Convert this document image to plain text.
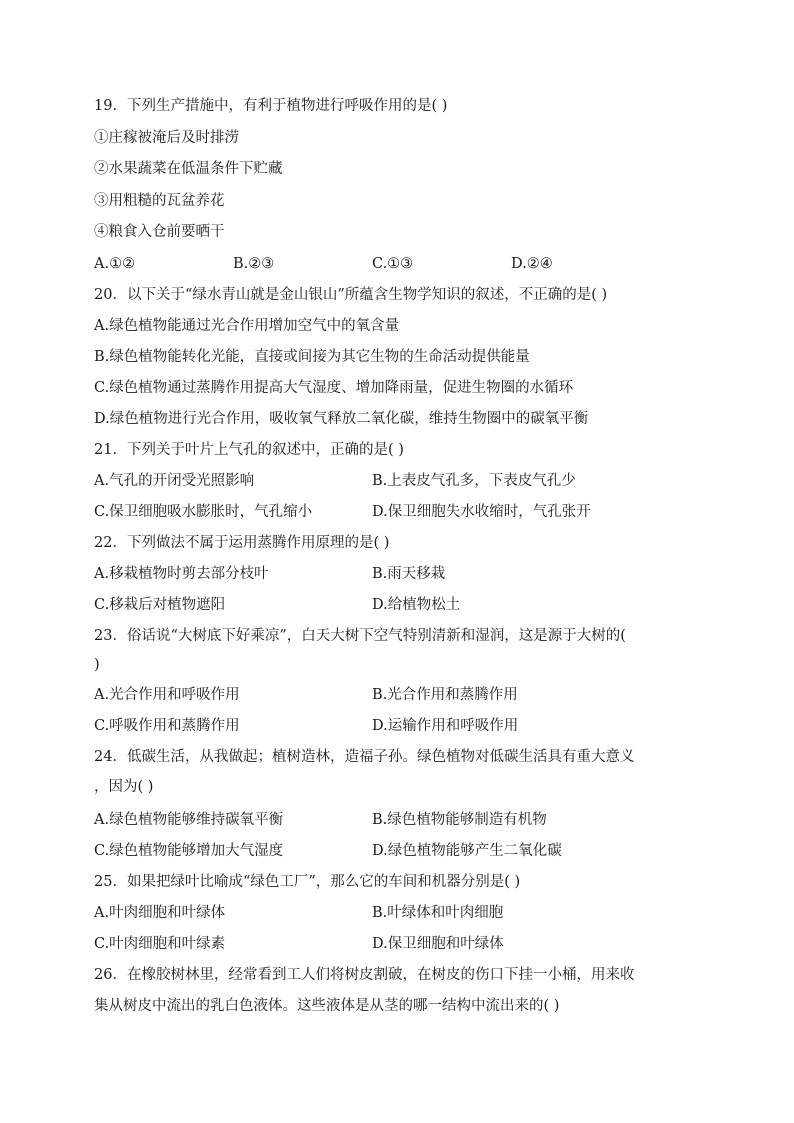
19．下列生产措施中，有利于植物进行呼吸作用的是( )
①庄稼被淹后及时排涝
②水果蔬菜在低温条件下贮藏
③用粗糙的瓦盆养花
④粮食入仓前要晒干
A.①②	B.②③	C.①③	D.②④
20．以下关于“绿水青山就是金山银山”所蕴含生物学知识的叙述，不正确的是( )
A.绿色植物能通过光合作用增加空气中的氧含量
B.绿色植物能转化光能，直接或间接为其它生物的生命活动提供能量
C.绿色植物通过蒸腾作用提高大气湿度、增加降雨量，促进生物圈的水循环
D.绿色植物进行光合作用，吸收氧气释放二氧化碳，维持生物圈中的碳氧平衡
21．下列关于叶片上气孔的叙述中，正确的是( )
A.气孔的开闭受光照影响	B.上表皮气孔多，下表皮气孔少
C.保卫细胞吸水膨胀时，气孔缩小	D.保卫细胞失水收缩时，气孔张开
22．下列做法不属于运用蒸腾作用原理的是( )
A.移栽植物时剪去部分枝叶	B.雨天移栽
C.移栽后对植物遮阳	D.给植物松土
23．俗话说“大树底下好乘凉”，白天大树下空气特别清新和湿润，这是源于大树的(
)
A.光合作用和呼吸作用	B.光合作用和蒸腾作用
C.呼吸作用和蒸腾作用	D.运输作用和呼吸作用
24．低碳生活，从我做起；植树造林，造福子孙。绿色植物对低碳生活具有重大意义
，因为( )
A.绿色植物能够维持碳氧平衡	B.绿色植物能够制造有机物
C.绿色植物能够增加大气湿度	D.绿色植物能够产生二氧化碳
25．如果把绿叶比喻成“绿色工厂”，那么它的车间和机器分别是( )
A.叶肉细胞和叶绿体	B.叶绿体和叶肉细胞
C.叶肉细胞和叶绿素	D.保卫细胞和叶绿体
26．在橡胶树林里，经常看到工人们将树皮割破，在树皮的伤口下挂一小桶，用来收
集从树皮中流出的乳白色液体。这些液体是从茎的哪一结构中流出来的( )
